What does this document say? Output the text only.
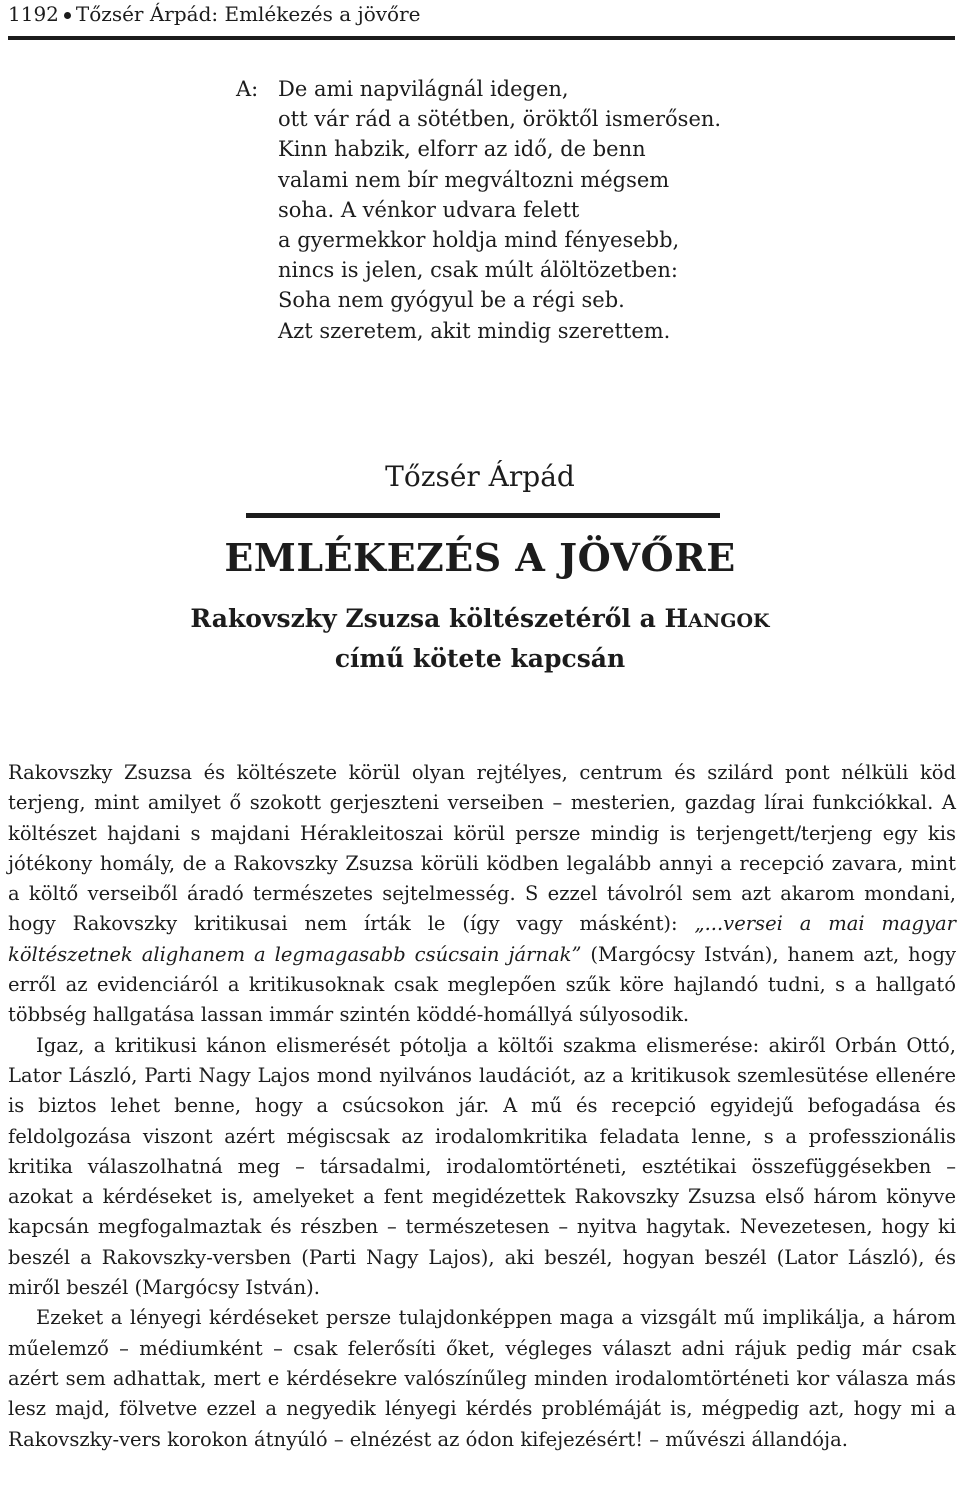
1192 Tőzsér Árpád: Emlékezés a jövőre
A: De ami napvilágnál idegen,
ott vár rád a sötétben, öröktől ismerősen.
Kinn habzik, elforr az idő, de benn
valami nem bír megváltozni mégsem
soha. A vénkor udvara felett
a gyermekkor holdja mind fényesebb,
nincs is jelen, csak múlt álöltözetben:
Soha nem gyógyul be a régi seb.
Azt szeretem, akit mindig szerettem.
Tőzsér Árpád
EMLÉKEZÉS A JÖVŐRE
Rakovszky Zsuzsa költészetéről a HANGOK
című kötete kapcsán

Rakovszky Zsuzsa és költészete körül olyan rejtélyes, centrum és szilárd pont nélküli köd terjeng, mint amilyet ő szokott gerjeszteni verseiben – mesterien, gazdag lírai funkciókkal. A költészet hajdani s majdani Hérakleitoszai körül persze mindig is terjengett/terjeng egy kis jótékony homály, de a Rakovszky Zsuzsa körüli ködben legalább annyi a recepció zavara, mint a költő verseiből áradó természetes sejtelmesség. S ezzel távolról sem azt akarom mondani, hogy Rakovszky kritikusai nem írták le (így vagy másként): „...versei a mai magyar költészetnek alighanem a legmagasabb csúcsain járnak” (Margócsy István), hanem azt, hogy erről az evidenciáról a kritikusoknak csak meglepően szűk köre hajlandó tudni, s a hallgató többség hallgatása lassan immár szintén köddé-homállyá súlyosodik.

Igaz, a kritikusi kánon elismerését pótolja a költői szakma elismerése: akiről Orbán Ottó, Lator László, Parti Nagy Lajos mond nyilvános laudációt, az a kritikusok szemlesütése ellenére is biztos lehet benne, hogy a csúcsokon jár. A mű és recepció egyidejű befogadása és feldolgozása viszont azért mégiscsak az irodalomkritika feladata lenne, s a professzionális kritika válaszolhatná meg – társadalmi, irodalomtörténeti, esztétikai összefüggésekben – azokat a kérdéseket is, amelyeket a fent megidézettek Rakovszky Zsuzsa első három könyve kapcsán megfogalmaztak és részben – természetesen – nyitva hagytak. Nevezetesen, hogy ki beszél a Rakovszky-versben (Parti Nagy Lajos), aki beszél, hogyan beszél (Lator László), és miről beszél (Margócsy István).

Ezeket a lényegi kérdéseket persze tulajdonképpen maga a vizsgált mű implikálja, a három műelemző – médiumként – csak felerősíti őket, végleges választ adni rájuk pedig már csak azért sem adhattak, mert e kérdésekre valószínűleg minden irodalomtörténeti kor válasza más lesz majd, fölvetve ezzel a negyedik lényegi kérdés problémáját is, mégpedig azt, hogy mi a Rakovszky-vers korokon átnyúló – elnézést az ódon kifejezésért! – művészi állandója.
